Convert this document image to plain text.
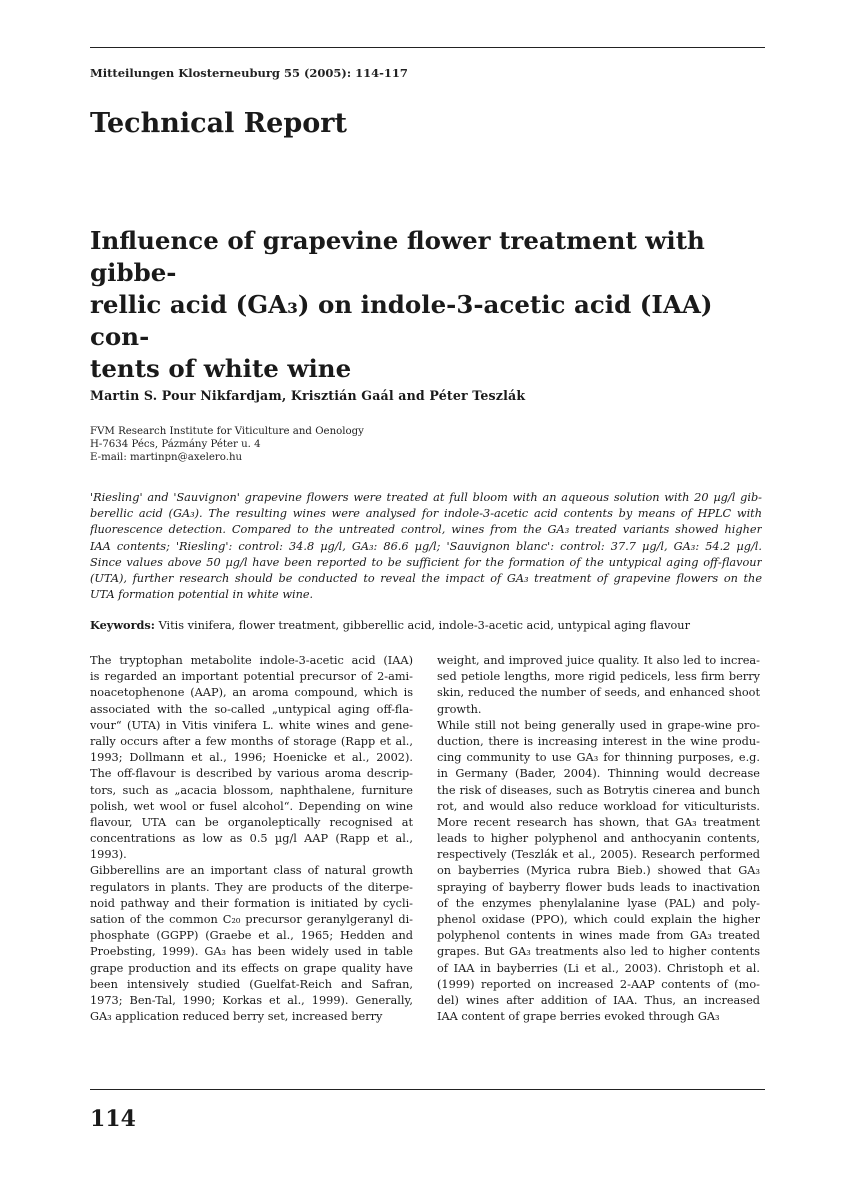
Mitteilungen Klosterneuburg 55 (2005): 114-117
Technical Report
Influence of grapevine flower treatment with gibbe-
rellic acid (GA₃) on indole-3-acetic acid (IAA) con-
tents of white wine
Martin S. Pour Nikfardjam, Krisztián Gaál and Péter Teszlák
FVM Research Institute for Viticulture and Oenology
H-7634 Pécs, Pázmány Péter u. 4
E-mail: martinpn@axelero.hu
'Riesling' and 'Sauvignon' grapevine flowers were treated at full bloom with an aqueous solution with 20 µg/l gib-
berellic acid (GA₃). The resulting wines were analysed for indole-3-acetic acid contents by means of HPLC with
fluorescence detection. Compared to the untreated control, wines from the GA₃ treated variants showed higher
IAA contents; 'Riesling': control: 34.8 µg/l, GA₃: 86.6 µg/l; 'Sauvignon blanc': control: 37.7 µg/l, GA₃: 54.2 µg/l.
Since values above 50 µg/l have been reported to be sufficient for the formation of the untypical aging off-flavour
(UTA), further research should be conducted to reveal the impact of GA₃ treatment of grapevine flowers on the
UTA formation potential in white wine.
Keywords: Vitis vinifera, flower treatment, gibberellic acid, indole-3-acetic acid, untypical aging flavour
The tryptophan metabolite indole-3-acetic acid (IAA)
is regarded an important potential precursor of 2-ami-
noacetophenone (AAP), an aroma compound, which is
associated with the so-called „untypical aging off-fla-
vour“ (UTA) in Vitis vinifera L. white wines and gene-
rally occurs after a few months of storage (Rapp et al.,
1993; Dollmann et al., 1996; Hoenicke et al., 2002).
The off-flavour is described by various aroma descrip-
tors, such as „acacia blossom, naphthalene, furniture
polish, wet wool or fusel alcohol“. Depending on wine
flavour, UTA can be organoleptically recognised at
concentrations as low as 0.5 µg/l AAP (Rapp et al.,
1993).
Gibberellins are an important class of natural growth
regulators in plants. They are products of the diterpe-
noid pathway and their formation is initiated by cycli-
sation of the common C₂₀ precursor geranylgeranyl di-
phosphate (GGPP) (Graebe et al., 1965; Hedden and
Proebsting, 1999). GA₃ has been widely used in table
grape production and its effects on grape quality have
been intensively studied (Guelfat-Reich and Safran,
1973; Ben-Tal, 1990; Korkas et al., 1999). Generally,
GA₃ application reduced berry set, increased berry
weight, and improved juice quality. It also led to increa-
sed petiole lengths, more rigid pedicels, less firm berry
skin, reduced the number of seeds, and enhanced shoot
growth.
While still not being generally used in grape-wine pro-
duction, there is increasing interest in the wine produ-
cing community to use GA₃ for thinning purposes, e.g.
in Germany (Bader, 2004). Thinning would decrease
the risk of diseases, such as Botrytis cinerea and bunch
rot, and would also reduce workload for viticulturists.
More recent research has shown, that GA₃ treatment
leads to higher polyphenol and anthocyanin contents,
respectively (Teszlák et al., 2005). Research performed
on bayberries (Myrica rubra Bieb.) showed that GA₃
spraying of bayberry flower buds leads to inactivation
of the enzymes phenylalanine lyase (PAL) and poly-
phenol oxidase (PPO), which could explain the higher
polyphenol contents in wines made from GA₃ treated
grapes. But GA₃ treatments also led to higher contents
of IAA in bayberries (Li et al., 2003). Christoph et al.
(1999) reported on increased 2-AAP contents of (mo-
del) wines after addition of IAA. Thus, an increased
IAA content of grape berries evoked through GA₃
114
